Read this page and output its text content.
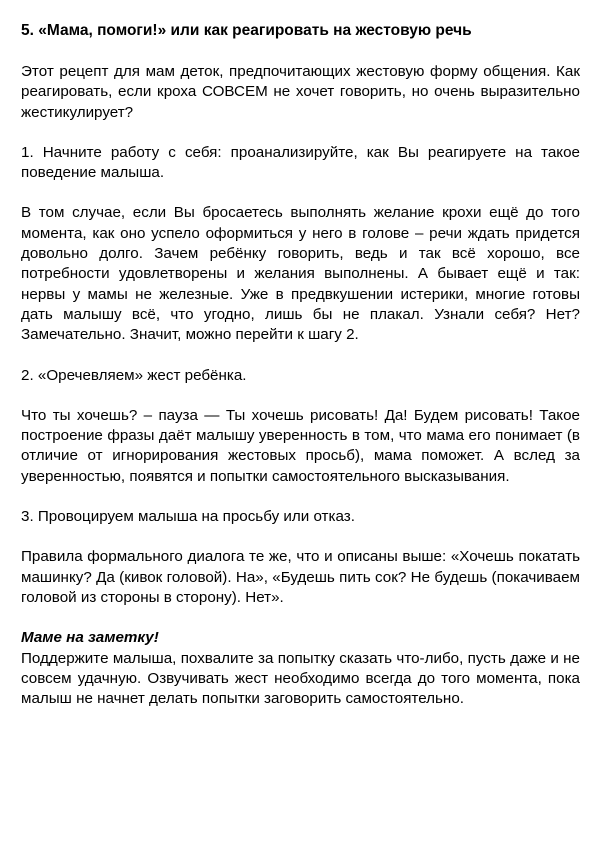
5. «Мама, помоги!» или как реагировать на жестовую речь

Этот рецепт для мам деток, предпочитающих жестовую форму общения. Как реагировать, если кроха СОВСЕМ не хочет говорить, но очень выразительно жестикулирует?

1. Начните работу с себя: проанализируйте, как Вы реагируете на такое поведение малыша.

В том случае, если Вы бросаетесь выполнять желание крохи ещё до того момента, как оно успело оформиться у него в голове – речи ждать придется довольно долго. Зачем ребёнку говорить, ведь и так всё хорошо, все потребности удовлетворены и желания выполнены. А бывает ещё и так: нервы у мамы не железные. Уже в предвкушении истерики, многие готовы дать малышу всё, что угодно, лишь бы не плакал. Узнали себя? Нет? Замечательно. Значит, можно перейти к шагу 2.

2. «Оречевляем» жест ребёнка.

Что ты хочешь? – пауза — Ты хочешь рисовать! Да! Будем рисовать! Такое построение фразы даёт малышу уверенность в том, что мама его понимает (в отличие от игнорирования жестовых просьб), мама поможет. А вслед за уверенностью, появятся и попытки самостоятельного высказывания.

3. Провоцируем малыша на просьбу или отказ.

Правила формального диалога те же, что и описаны выше: «Хочешь покатать машинку? Да (кивок головой). На», «Будешь пить сок? Не будешь (покачиваем головой из стороны в сторону). Нет».

Маме на заметку!

Поддержите малыша, похвалите за попытку сказать что-либо, пусть даже и не совсем удачную. Озвучивать жест необходимо всегда до того момента, пока малыш не начнет делать попытки заговорить самостоятельно.
